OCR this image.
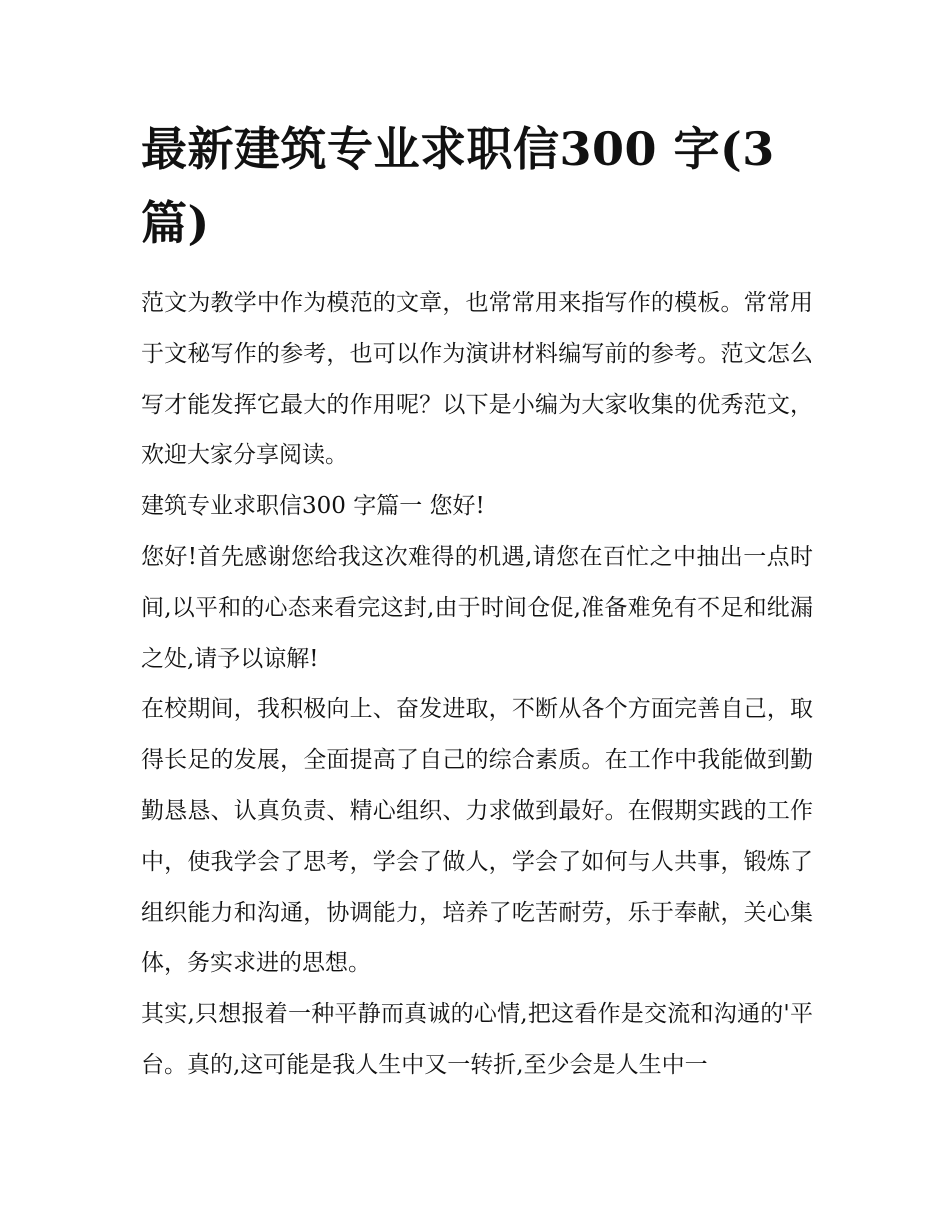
最新建筑专业求职信300 字(3篇)

范文为教学中作为模范的文章，也常常用来指写作的模板。常常用于文秘写作的参考，也可以作为演讲材料编写前的参考。范文怎么写才能发挥它最大的作用呢？以下是小编为大家收集的优秀范文，欢迎大家分享阅读。

建筑专业求职信300 字篇一 您好!

您好!首先感谢您给我这次难得的机遇,请您在百忙之中抽出一点时间,以平和的心态来看完这封,由于时间仓促,准备难免有不足和纰漏之处,请予以谅解!

在校期间，我积极向上、奋发进取，不断从各个方面完善自己，取得长足的发展，全面提高了自己的综合素质。在工作中我能做到勤勤恳恳、认真负责、精心组织、力求做到最好。在假期实践的工作中，使我学会了思考，学会了做人，学会了如何与人共事，锻炼了组织能力和沟通，协调能力，培养了吃苦耐劳，乐于奉献，关心集体，务实求进的思想。

其实,只想报着一种平静而真诚的心情,把这看作是交流和沟通的'平台。真的,这可能是我人生中又一转折,至少会是人生中一
